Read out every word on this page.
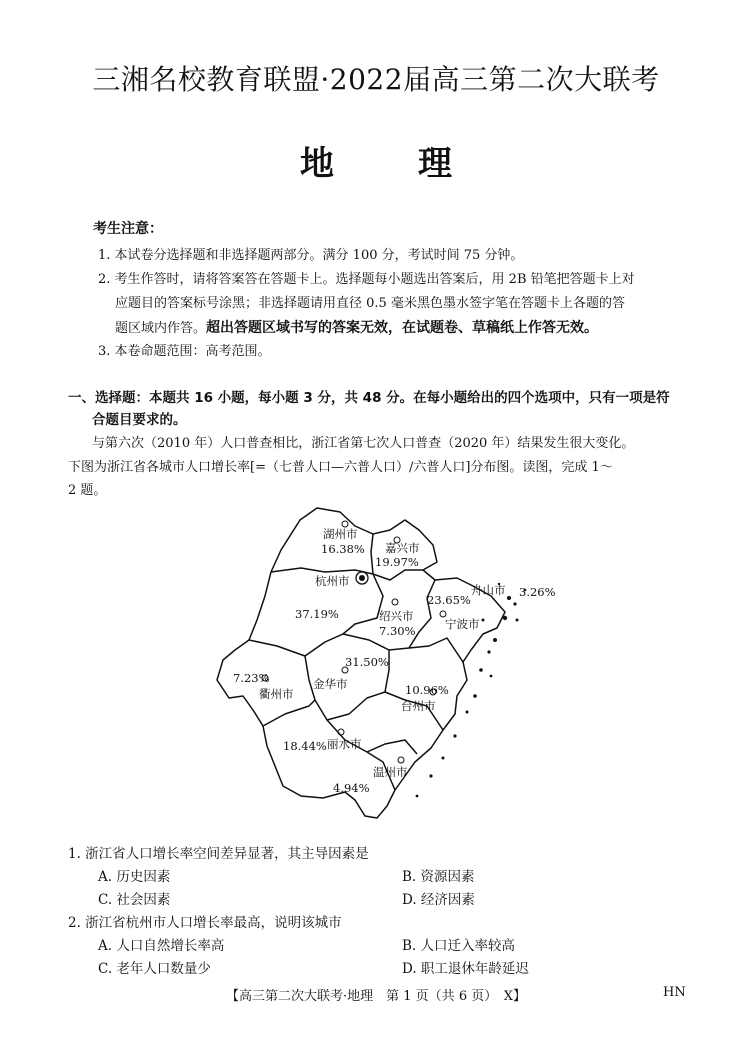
三湘名校教育联盟·2022届高三第二次大联考
地 理
考生注意：
1. 本试卷分选择题和非选择题两部分。满分 100 分，考试时间 75 分钟。
2. 考生作答时，请将答案答在答题卡上。选择题每小题选出答案后，用 2B 铅笔把答题卡上对
应题目的答案标号涂黑；非选择题请用直径 0.5 毫米黑色墨水签字笔在答题卡上各题的答
题区域内作答。超出答题区域书写的答案无效，在试题卷、草稿纸上作答无效。
3. 本卷命题范围：高考范围。
一、选择题：本题共 16 小题，每小题 3 分，共 48 分。在每小题给出的四个选项中，只有一项是符
合题目要求的。
与第六次（2010 年）人口普查相比，浙江省第七次人口普查（2020 年）结果发生很大变化。
下图为浙江省各城市人口增长率[=（七普人口—六普人口）/六普人口]分布图。读图，完成 1～
2 题。
湖州市
16.38% 嘉兴市
19.97%
杭州市
37.19%
舟山市 3.26%
23.65%
宁波市
绍兴市
7.30%
31.50%
金华市
7.23%
衢州市	10.96%
台州市
18.44% 丽水市
温州市
4.94%
1. 浙江省人口增长率空间差异显著，其主导因素是
A. 历史因素	B. 资源因素
C. 社会因素	D. 经济因素
2. 浙江省杭州市人口增长率最高，说明该城市
A. 人口自然增长率高	B. 人口迁入率较高
C. 老年人口数量少	D. 职工退休年龄延迟
【高三第二次大联考·地理　第 1 页（共 6 页）　X】	HN
